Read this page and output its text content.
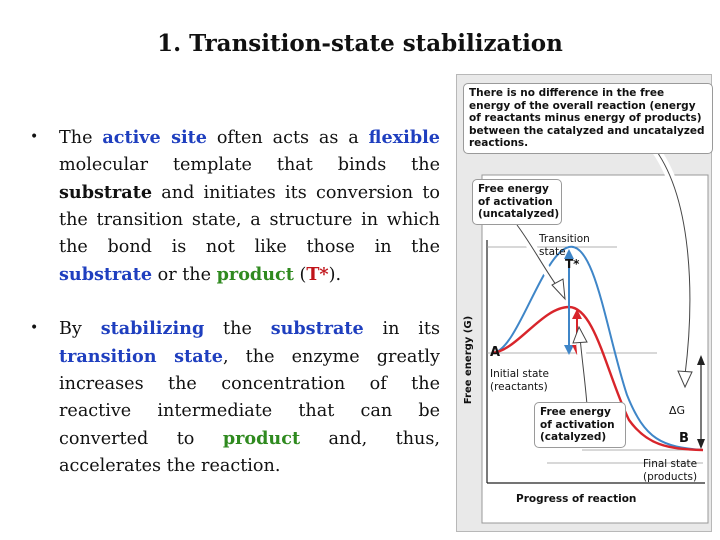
1. Transition-state stabilization
• The active site often acts as a flexible molecular template that binds the substrate and initiates its conversion to the transition state, a structure in which the bond is not like those in the substrate or the product (T*).
• By stabilizing the substrate in its transition state, the enzyme greatly increases the concentration of the reactive intermediate that can be converted to product and, thus, accelerates the reaction.
Free energy (G)
There is no difference in the free energy of the overall reaction (energy of reactants minus energy of products) between the catalyzed and uncatalyzed reactions.
Free energy of activation (uncatalyzed)
Transition state
T*
A
Initial state (reactants)
Free energy of activation (catalyzed)
ΔG
B
Final state (products)
Progress of reaction
